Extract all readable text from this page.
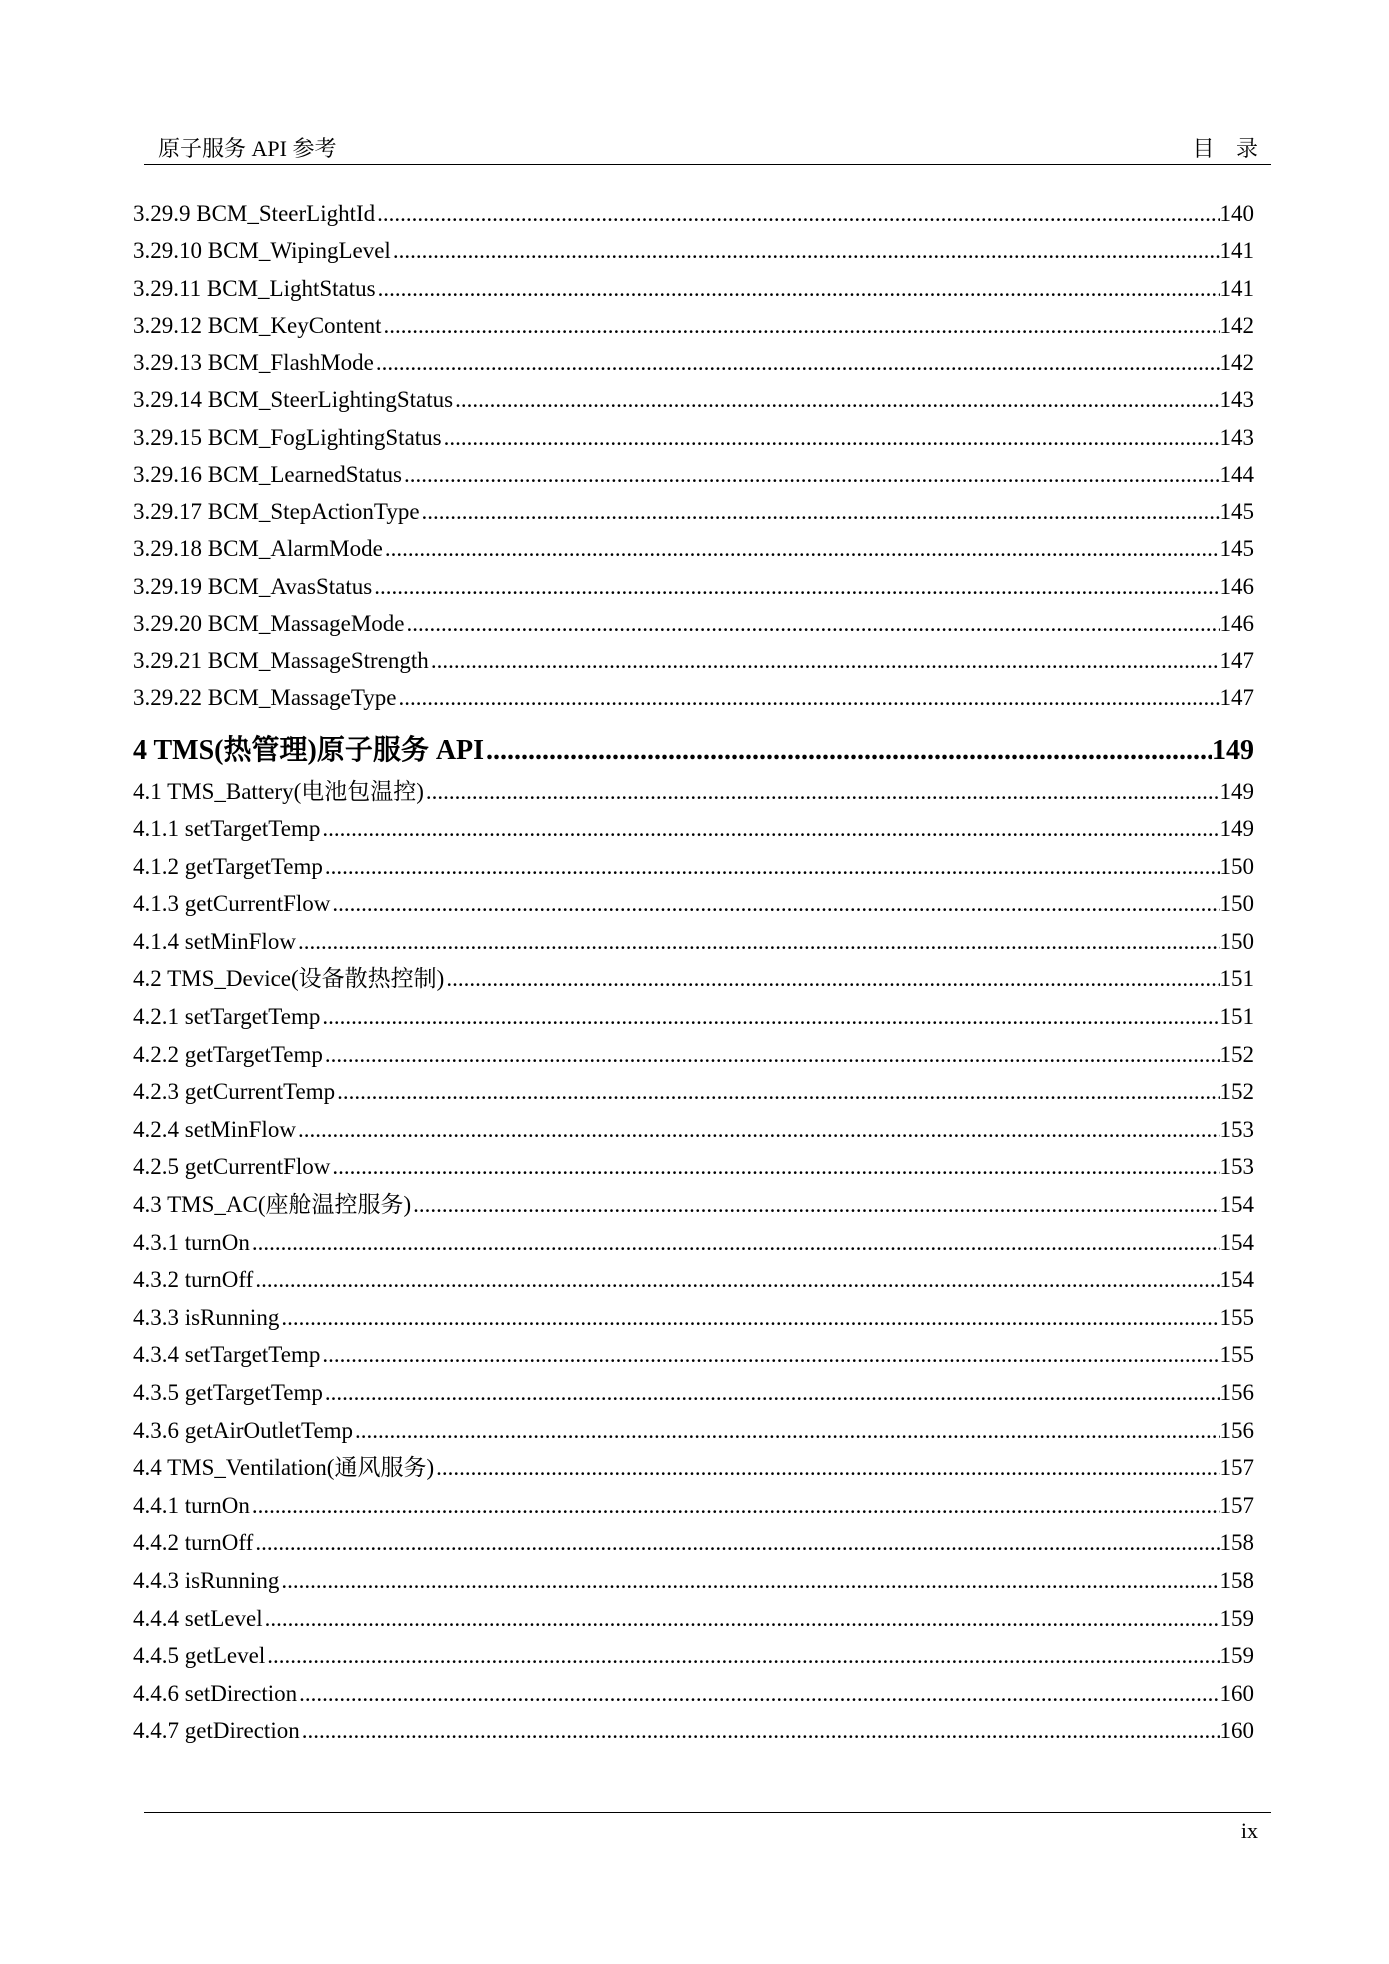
原子服务 API 参考	目 录
3.29.9 BCM_SteerLightId .....	140
3.29.10 BCM_WipingLevel .....	141
3.29.11 BCM_LightStatus .....	141
3.29.12 BCM_KeyContent .....	142
3.29.13 BCM_FlashMode .....	142
3.29.14 BCM_SteerLightingStatus .....	143
3.29.15 BCM_FogLightingStatus .....	143
3.29.16 BCM_LearnedStatus .....	144
3.29.17 BCM_StepActionType .....	145
3.29.18 BCM_AlarmMode .....	145
3.29.19 BCM_AvasStatus .....	146
3.29.20 BCM_MassageMode .....	146
3.29.21 BCM_MassageStrength .....	147
3.29.22 BCM_MassageType .....	147
4 TMS(热管理)原子服务 API .....	149
4.1 TMS_Battery(电池包温控) .....	149
4.1.1 setTargetTemp .....	149
4.1.2 getTargetTemp .....	150
4.1.3 getCurrentFlow .....	150
4.1.4 setMinFlow .....	150
4.2 TMS_Device(设备散热控制) .....	151
4.2.1 setTargetTemp .....	151
4.2.2 getTargetTemp .....	152
4.2.3 getCurrentTemp .....	152
4.2.4 setMinFlow .....	153
4.2.5 getCurrentFlow .....	153
4.3 TMS_AC(座舱温控服务) .....	154
4.3.1 turnOn .....	154
4.3.2 turnOff .....	154
4.3.3 isRunning .....	155
4.3.4 setTargetTemp .....	155
4.3.5 getTargetTemp .....	156
4.3.6 getAirOutletTemp .....	156
4.4 TMS_Ventilation(通风服务) .....	157
4.4.1 turnOn .....	157
4.4.2 turnOff .....	158
4.4.3 isRunning .....	158
4.4.4 setLevel .....	159
4.4.5 getLevel .....	159
4.4.6 setDirection .....	160
4.4.7 getDirection .....	160
ix
